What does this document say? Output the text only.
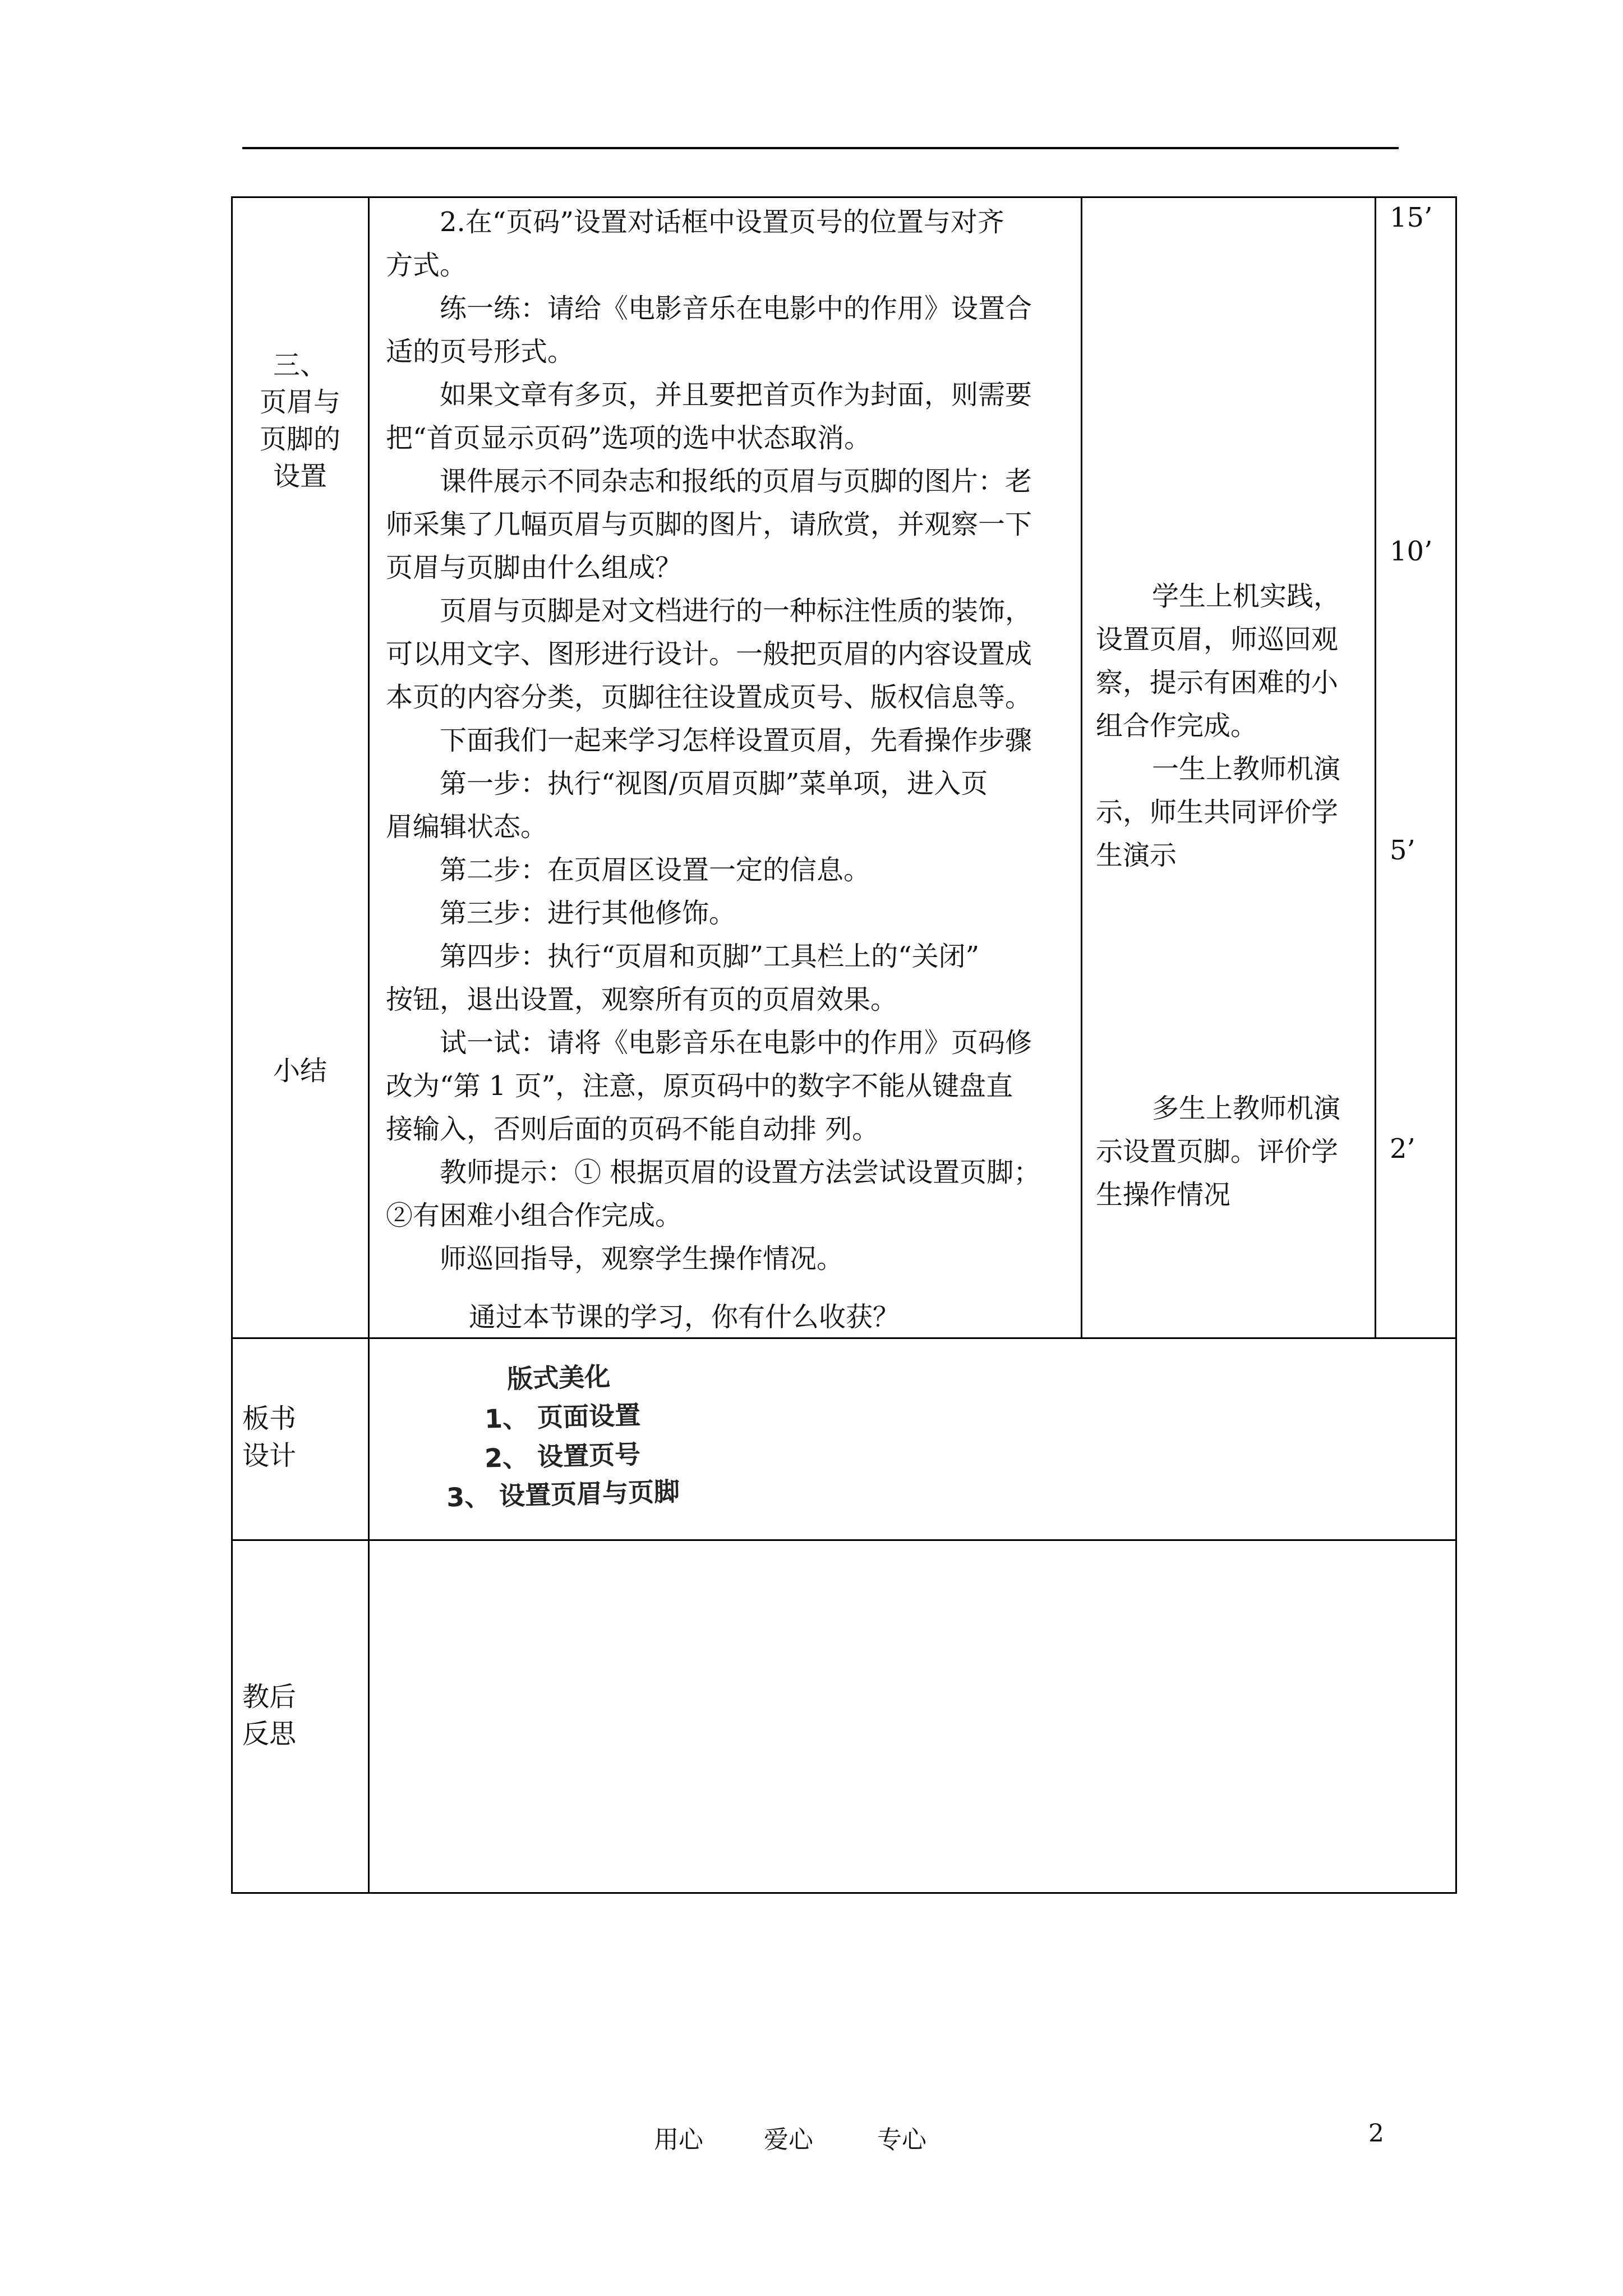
三、
页眉与
页脚的
设置
小结
板书
设计
教后
反思
2.在“页码”设置对话框中设置页号的位置与对齐
方式。
练一练：请给《电影音乐在电影中的作用》设置合
适的页号形式。
如果文章有多页，并且要把首页作为封面，则需要
把“首页显示页码”选项的选中状态取消。
课件展示不同杂志和报纸的页眉与页脚的图片：老
师采集了几幅页眉与页脚的图片，请欣赏，并观察一下
页眉与页脚由什么组成？
页眉与页脚是对文档进行的一种标注性质的装饰，
可以用文字、图形进行设计。一般把页眉的内容设置成
本页的内容分类，页脚往往设置成页号、版权信息等。
下面我们一起来学习怎样设置页眉，先看操作步骤
第一步：执行“视图/页眉页脚”菜单项，进入页
眉编辑状态。
第二步：在页眉区设置一定的信息。
第三步：进行其他修饰。
第四步：执行“页眉和页脚”工具栏上的“关闭”
按钮，退出设置，观察所有页的页眉效果。
试一试：请将《电影音乐在电影中的作用》页码修
改为“第 1 页”，注意，原页码中的数字不能从键盘直
接输入，否则后面的页码不能自动排 列。
教师提示：① 根据页眉的设置方法尝试设置页脚；
②有困难小组合作完成。
师巡回指导，观察学生操作情况。
通过本节课的学习，你有什么收获？
学生上机实践，
设置页眉，师巡回观
察，提示有困难的小
组合作完成。
一生上教师机演
示，师生共同评价学
生演示
多生上教师机演
示设置页脚。评价学
生操作情况
15’
10’
5’
2’
版式美化
1、 页面设置
2、 设置页号
3、 设置页眉与页脚
用心 爱心	专心	2
